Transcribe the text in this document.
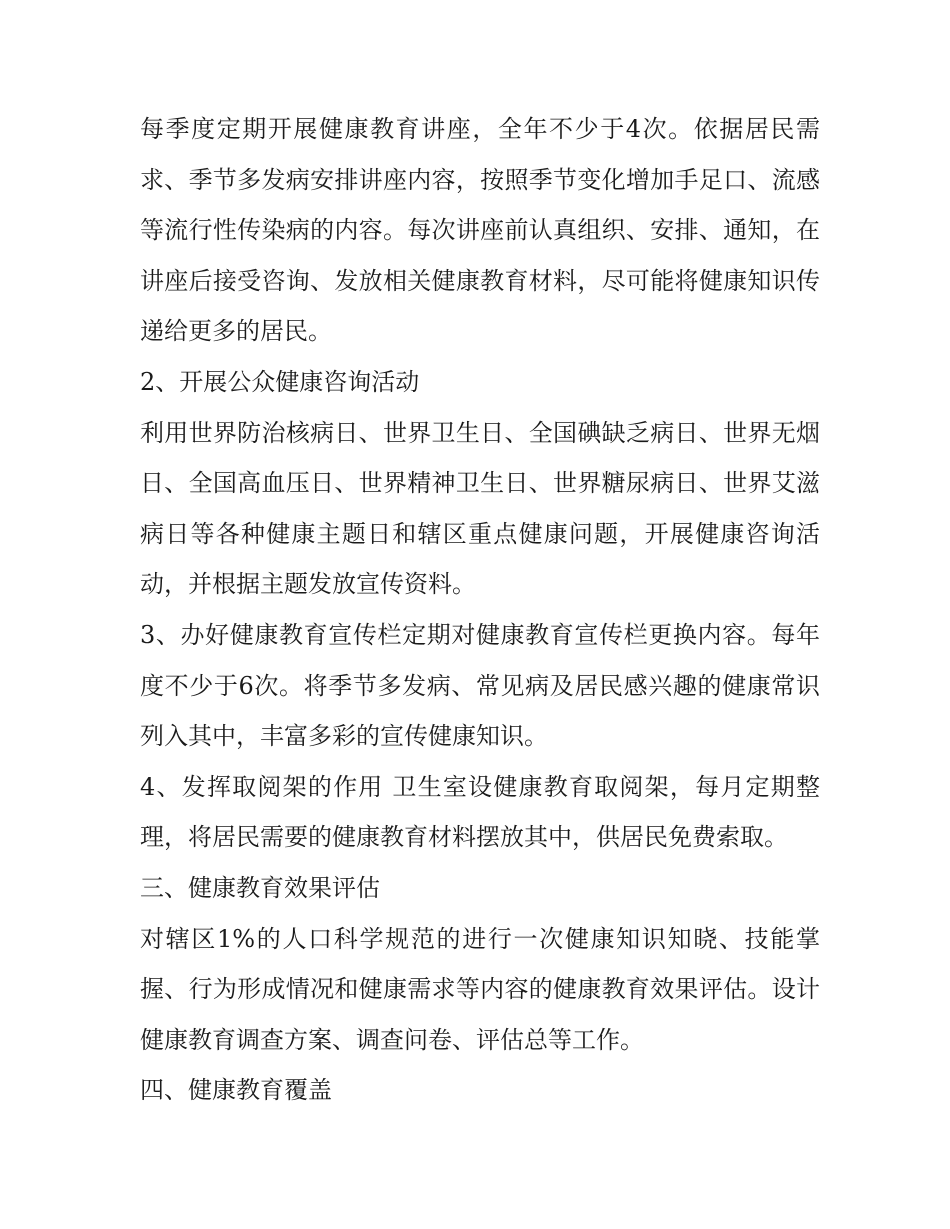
每季度定期开展健康教育讲座，全年不少于4次。依据居民需求、季节多发病安排讲座内容，按照季节变化增加手足口、流感等流行性传染病的内容。每次讲座前认真组织、安排、通知，在讲座后接受咨询、发放相关健康教育材料，尽可能将健康知识传递给更多的居民。

2、开展公众健康咨询活动

利用世界防治核病日、世界卫生日、全国碘缺乏病日、世界无烟日、全国高血压日、世界精神卫生日、世界糖尿病日、世界艾滋病日等各种健康主题日和辖区重点健康问题，开展健康咨询活动，并根据主题发放宣传资料。

3、办好健康教育宣传栏定期对健康教育宣传栏更换内容。每年度不少于6次。将季节多发病、常见病及居民感兴趣的健康常识列入其中，丰富多彩的宣传健康知识。

4、发挥取阅架的作用 卫生室设健康教育取阅架，每月定期整理，将居民需要的健康教育材料摆放其中，供居民免费索取。

三、健康教育效果评估

对辖区1%的人口科学规范的进行一次健康知识知晓、技能掌握、行为形成情况和健康需求等内容的健康教育效果评估。设计健康教育调查方案、调查问卷、评估总等工作。

四、健康教育覆盖
